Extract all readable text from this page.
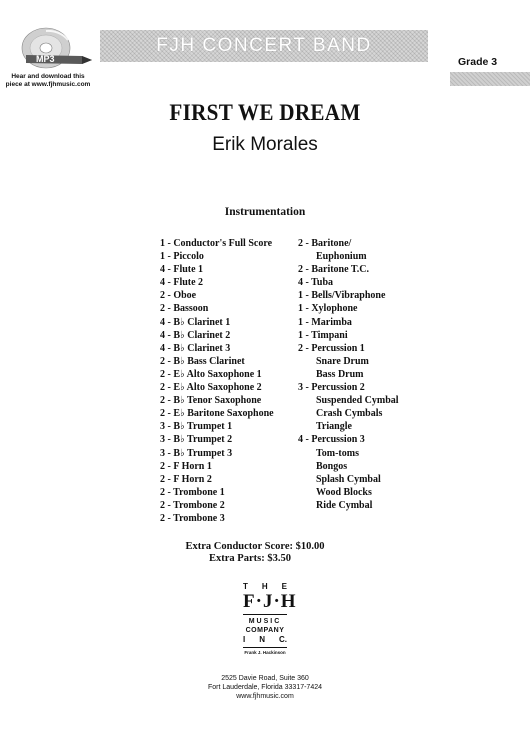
MP3
Hear and download this
piece at www.fjhmusic.com
FJH CONCERT BAND
Grade 3
FIRST WE DREAM
Erik Morales
Instrumentation
1 - Conductor's Full Score
1 - Piccolo
4 - Flute 1
4 - Flute 2
2 - Oboe
2 - Bassoon
4 - B♭ Clarinet 1
4 - B♭ Clarinet 2
4 - B♭ Clarinet 3
2 - B♭ Bass Clarinet
2 - E♭ Alto Saxophone 1
2 - E♭ Alto Saxophone 2
2 - B♭ Tenor Saxophone
2 - E♭ Baritone Saxophone
3 - B♭ Trumpet 1
3 - B♭ Trumpet 2
3 - B♭ Trumpet 3
2 - F Horn 1
2 - F Horn 2
2 - Trombone 1
2 - Trombone 2
2 - Trombone 3
2 - Baritone/
Euphonium
2 - Baritone T.C.
4 - Tuba
1 - Bells/Vibraphone
1 - Xylophone
1 - Marimba
1 - Timpani
2 - Percussion 1
Snare Drum
Bass Drum
3 - Percussion 2
Suspended Cymbal
Crash Cymbals
Triangle
4 - Percussion 3
Tom-toms
Bongos
Splash Cymbal
Wood Blocks
Ride Cymbal
Extra Conductor Score: $10.00
Extra Parts: $3.50
T H E
F·J·H
MUSIC
COMPANY
I N C.
Frank J. Hackinson
2525 Davie Road, Suite 360
Fort Lauderdale, Florida 33317-7424
www.fjhmusic.com
